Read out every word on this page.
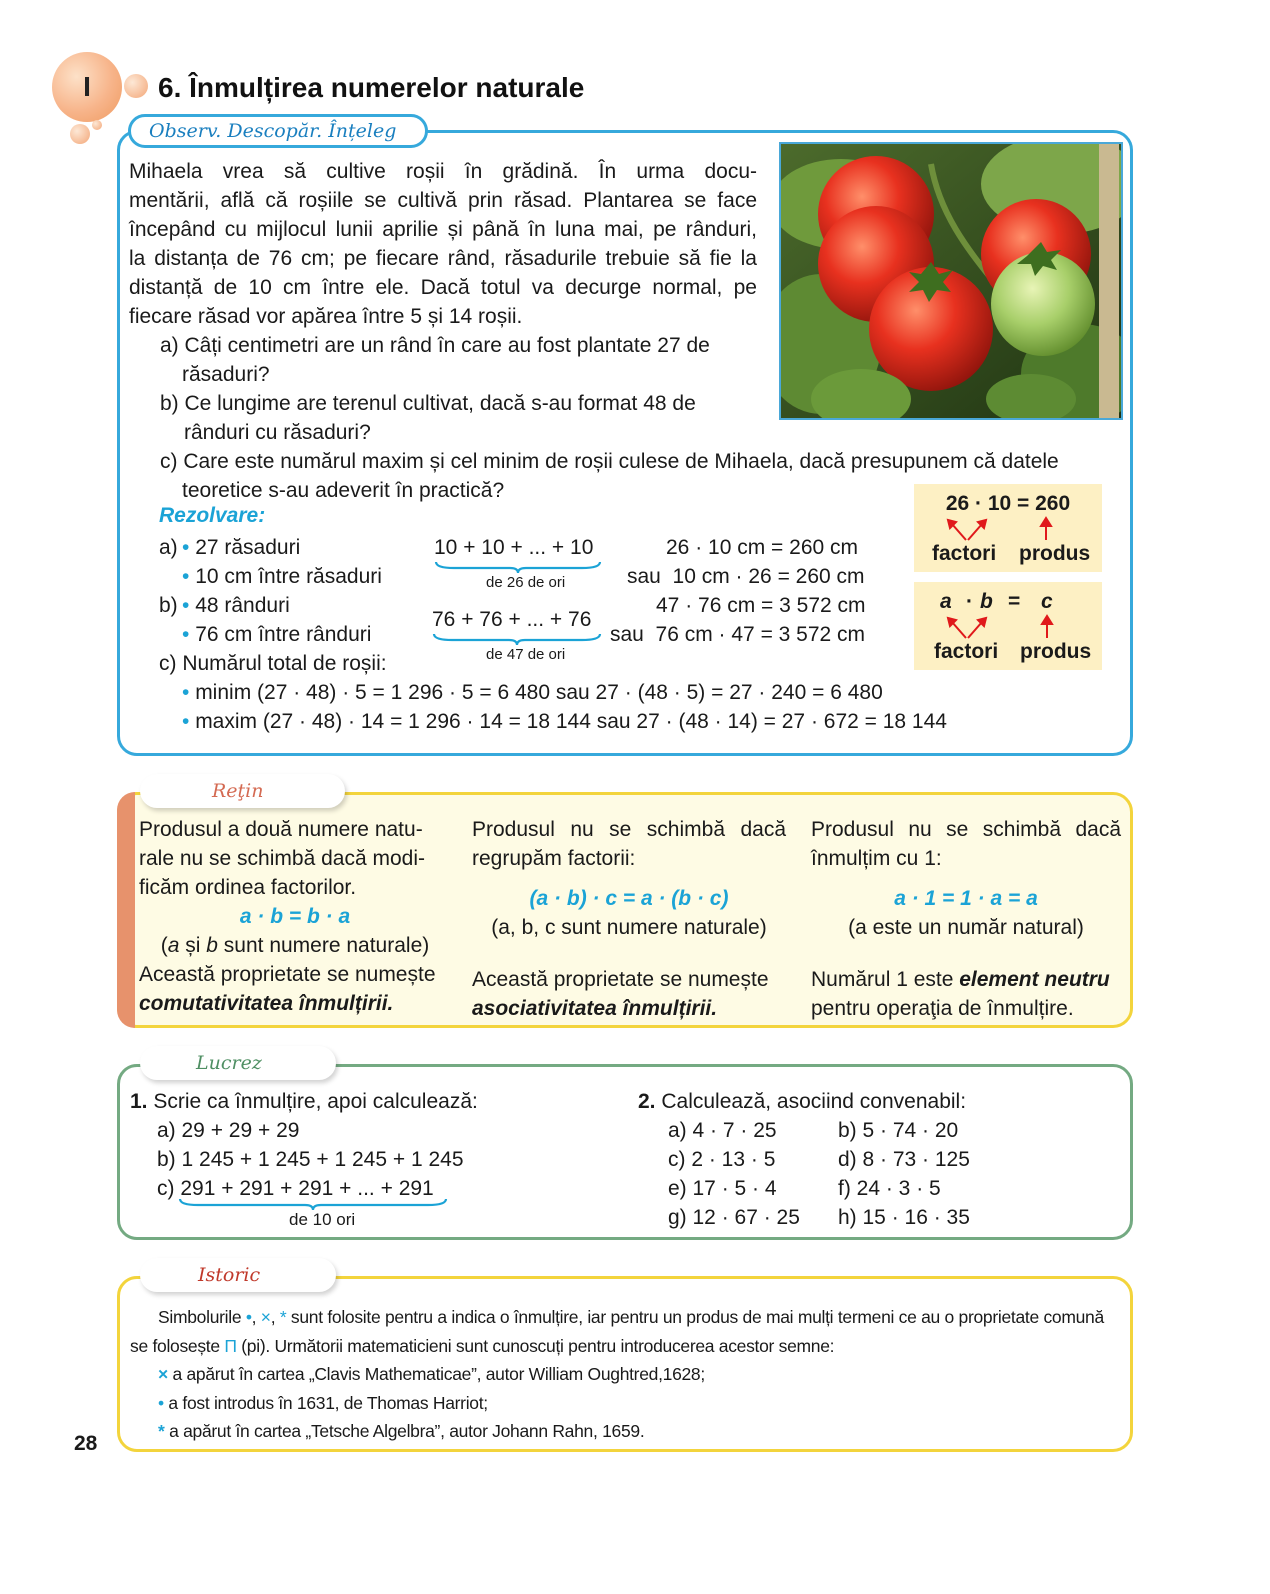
I 6. Înmulțirea numerelor naturale
Observ. Descopăr. Înțeleg
Mihaela vrea să cultive roșii în grădină. În urma docu-
mentării, află că roșiile se cultivă prin răsad. Plantarea se face
începând cu mijlocul lunii aprilie și până în luna mai, pe rânduri,
la distanța de 76 cm; pe fiecare rând, răsadurile trebuie să fie la
distanță de 10 cm între ele. Dacă totul va decurge normal, pe
fiecare răsad vor apărea între 5 și 14 roșii.
a) Câți centimetri are un rând în care au fost plantate 27 de
răsaduri?
b) Ce lungime are terenul cultivat, dacă s-au format 48 de
rânduri cu răsaduri?
c) Care este numărul maxim și cel minim de roșii culese de Mihaela, dacă presupunem că datele
teoretice s-au adeverit în practică?
Rezolvare:
a) • 27 răsaduri
• 10 cm între răsaduri
10 + 10 + ... + 10
de 26 de ori
26 · 10 cm = 260 cm
sau  10 cm · 26 = 260 cm
b) • 48 rânduri
• 76 cm între rânduri
76 + 76 + ... + 76
de 47 de ori
47 · 76 cm = 3 572 cm
sau  76 cm · 47 = 3 572 cm
c) Numărul total de roșii:
• minim (27 · 48) · 5 = 1 296 · 5 = 6 480 sau 27 · (48 · 5) = 27 · 240 = 6 480
• maxim (27 · 48) · 14 = 1 296 · 14 = 18 144 sau 27 · (48 · 14) = 27 · 672 = 18 144
26 · 10 = 260
factori produs
a · b = c
factori produs
Reţin
Produsul a două numere natu-
rale nu se schimbă dacă modi-
ficăm ordinea factorilor.
a · b = b · a
(a și b sunt numere naturale)
Această proprietate se numește
comutativitatea înmulțirii.
Produsul nu se schimbă dacă
regrupăm factorii:
(a · b) · c = a · (b · c)
(a, b, c sunt numere naturale)
Această proprietate se numește
asociativitatea înmulțirii.
Produsul nu se schimbă dacă
înmulțim cu 1:
a · 1 = 1 · a = a
(a este un număr natural)
Numărul 1 este element neutru
pentru operaţia de înmulțire.
Lucrez
1. Scrie ca înmulțire, apoi calculează:
a) 29 + 29 + 29
b) 1 245 + 1 245 + 1 245 + 1 245
c) 291 + 291 + 291 + ... + 291
de 10 ori
2. Calculează, asociind convenabil:
a) 4 · 7 · 25	b) 5 · 74 · 20
c) 2 · 13 · 5	d) 8 · 73 · 125
e) 17 · 5 · 4	f) 24 · 3 · 5
g) 12 · 67 · 25	h) 15 · 16 · 35
Istoric
Simbolurile •, ×, * sunt folosite pentru a indica o înmulțire, iar pentru un produs de mai mulți termeni ce au o proprietate comună
se folosește Π (pi). Următorii matematicieni sunt cunoscuți pentru introducerea acestor semne:
× a apărut în cartea „Clavis Mathematicae”, autor William Oughtred,1628;
• a fost introdus în 1631, de Thomas Harriot;
* a apărut în cartea „Tetsche Algelbra”, autor Johann Rahn, 1659.
28
